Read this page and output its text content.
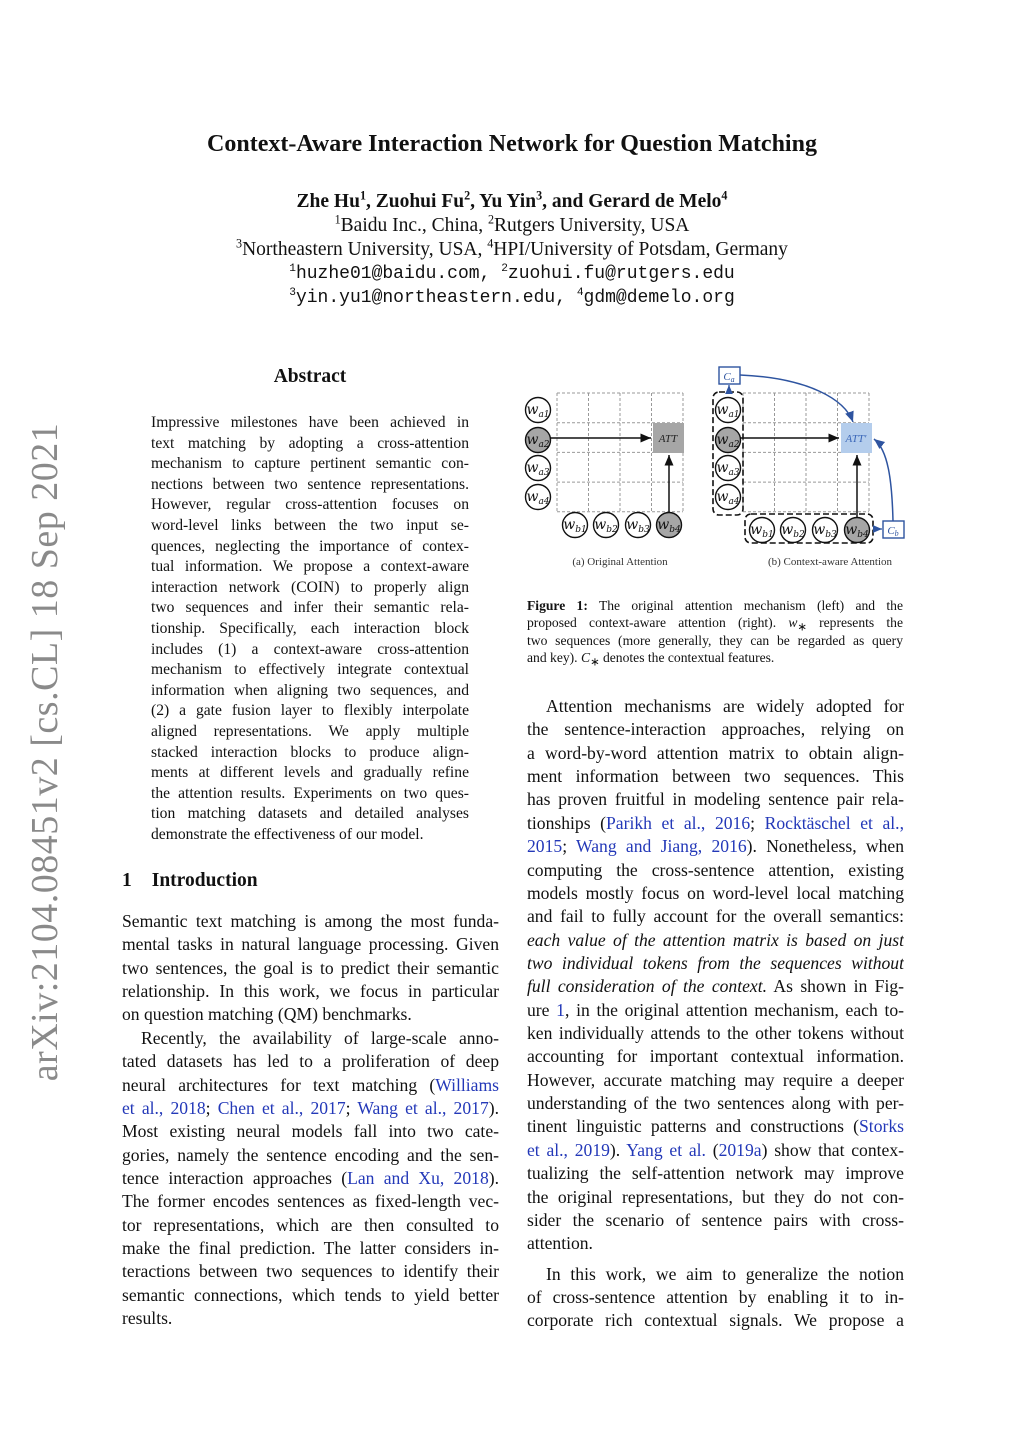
arXiv:2104.08451v2 [cs.CL] 18 Sep 2021
Context-Aware Interaction Network for Question Matching
Zhe Hu$^1$, Zuohui Fu$^2$, Yu Yin$^3$, and Gerard de Melo$^4$
$^1$Baidu Inc., China, $^2$Rutgers University, USA
$^3$Northeastern University, USA, $^4$HPI/University of Potsdam, Germany
$^1$huzhe01@baidu.com, $^2$zuohui.fu@rutgers.edu
$^3$yin.yu1@northeastern.edu, $^4$gdm@demelo.org
Abstract
Impressive milestones have been achieved in
text matching by adopting a cross-attention
mechanism to capture pertinent semantic con-
nections between two sentence representations.
However, regular cross-attention focuses on
word-level links between the two input se-
quences, neglecting the importance of contex-
tual information. We propose a context-aware
interaction network (COIN) to properly align
two sequences and infer their semantic rela-
tionship. Specifically, each interaction block
includes (1) a context-aware cross-attention
mechanism to effectively integrate contextual
information when aligning two sequences, and
(2) a gate fusion layer to flexibly interpolate
aligned representations. We apply multiple
stacked interaction blocks to produce align-
ments at different levels and gradually refine
the attention results. Experiments on two ques-
tion matching datasets and detailed analyses
demonstrate the effectiveness of our model.
1 Introduction
Semantic text matching is among the most funda-
mental tasks in natural language processing. Given
two sentences, the goal is to predict their semantic
relationship. In this work, we focus in particular
on question matching (QM) benchmarks.
Recently, the availability of large-scale anno-
tated datasets has led to a proliferation of deep
neural architectures for text matching (Williams
et al., 2018; Chen et al., 2017; Wang et al., 2017).
Most existing neural models fall into two cate-
gories, namely the sentence encoding and the sen-
tence interaction approaches (Lan and Xu, 2018).
The former encodes sentences as fixed-length vec-
tor representations, which are then consulted to
make the final prediction. The latter considers in-
teractions between two sequences to identify their
semantic connections, which tends to yield better
results.
ATT
$w_{a1}$
$w_{a2}$
$w_{a3}$
$w_{a4}$
$w_{b1}$ $w_{b2}$ $w_{b3}$ $w_{b4}$
(a) Original Attention
ATT′
$w_{a1}$
$w_{a2}$
$w_{a3}$
$w_{a4}$
$w_{b1}$ $w_{b2}$ $w_{b3}$ $w_{b4}$
Ca
Cb
(b) Context-aware Attention
Figure 1: The original attention mechanism (left) and the
proposed context-aware attention (right). $w_∗$ represents the
two sequences (more generally, they can be regarded as query
and key). $C_∗$ denotes the contextual features.
Attention mechanisms are widely adopted for
the sentence-interaction approaches, relying on
a word-by-word attention matrix to obtain align-
ment information between two sequences. This
has proven fruitful in modeling sentence pair rela-
tionships (Parikh et al., 2016; Rocktäschel et al.,
2015; Wang and Jiang, 2016). Nonetheless, when
computing the cross-sentence attention, existing
models mostly focus on word-level local matching
and fail to fully account for the overall semantics:
each value of the attention matrix is based on just
two individual tokens from the sequences without
full consideration of the context. As shown in Fig-
ure 1, in the original attention mechanism, each to-
ken individually attends to the other tokens without
accounting for important contextual information.
However, accurate matching may require a deeper
understanding of the two sentences along with per-
tinent linguistic patterns and constructions (Storks
et al., 2019). Yang et al. (2019a) show that contex-
tualizing the self-attention network may improve
the original representations, but they do not con-
sider the scenario of sentence pairs with cross-
attention.
In this work, we aim to generalize the notion
of cross-sentence attention by enabling it to in-
corporate rich contextual signals. We propose a
